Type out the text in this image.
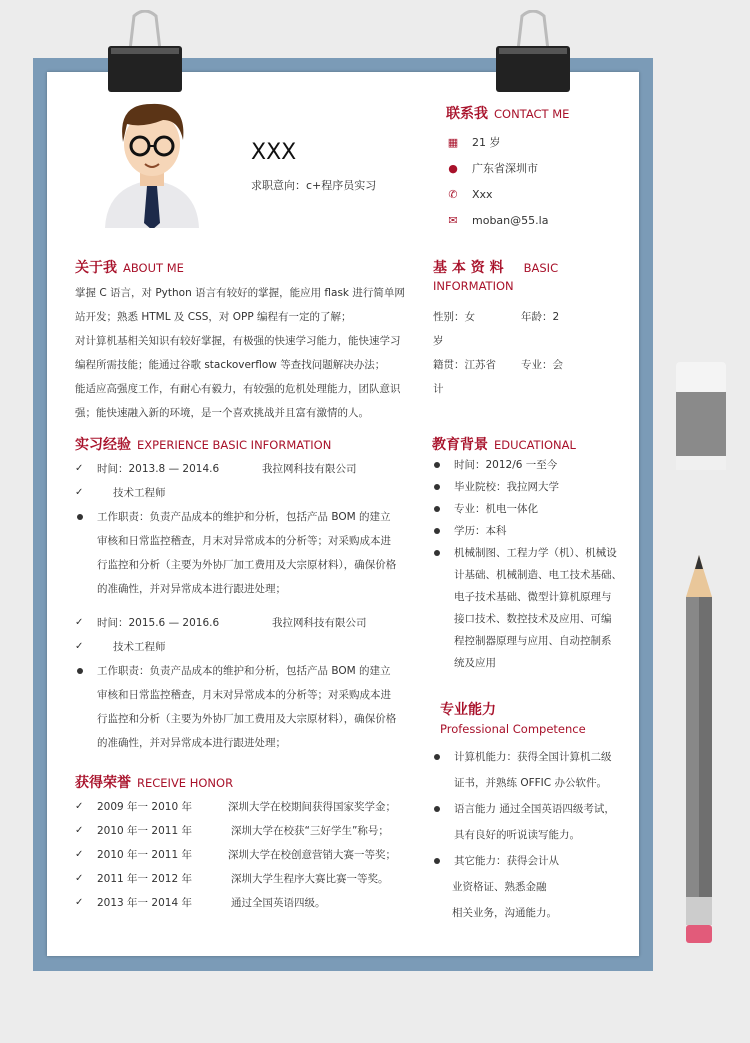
XXX
求职意向：c+程序员实习
联系我 CONTACT ME
▦ 21 岁
● 广东省深圳市
✆ Xxx
✉ moban@55.la
关于我 ABOUT ME
掌握 C 语言，对 Python 语言有较好的掌握，能应用 flask 进行简单网
站开发；熟悉 HTML 及 CSS，对 OPP 编程有一定的了解；
对计算机基相关知识有较好掌握，有极强的快速学习能力，能快速学习
编程所需技能；能通过谷歌 stackoverflow 等查找问题解决办法；
能适应高强度工作，有耐心有毅力，有较强的危机处理能力，团队意识
强；能快速融入新的环境，是一个喜欢挑战并且富有激情的人。
实习经验 EXPERIENCE BASIC INFORMATION
✓ 时间：2013.8 — 2014.6	我拉网科技有限公司
✓	技术工程师
工作职责：负责产品成本的维护和分析，包括产品 BOM 的建立
审核和日常监控稽查，月末对异常成本的分析等；对采购成本进
行监控和分析（主要为外协厂加工费用及大宗原材料），确保价格
的准确性，并对异常成本进行跟进处理；
✓ 时间：2015.6 — 2016.6	我拉网科技有限公司
✓	技术工程师
工作职责：负责产品成本的维护和分析，包括产品 BOM 的建立
审核和日常监控稽查，月末对异常成本的分析等；对采购成本进
行监控和分析（主要为外协厂加工费用及大宗原材料），确保价格
的准确性，并对异常成本进行跟进处理；
获得荣誉 RECEIVE HONOR
✓ 2009 年一 2010 年	深圳大学在校期间获得国家奖学金；
✓ 2010 年一 2011 年	深圳大学在校获“三好学生”称号；
✓ 2010 年一 2011 年	深圳大学在校创意营销大赛一等奖；
✓ 2011 年一 2012 年	深圳大学生程序大赛比赛一等奖。
✓ 2013 年一 2014 年	通过全国英语四级。
基 本 资 料 BASIC
INFORMATION
性别：女	年龄：2
岁
籍贯：江苏省 专业：会
计
教育背景 EDUCATIONAL
时间：2012/6 一至今
毕业院校：我拉网大学
专业：机电一体化
学历：本科
机械制图、工程力学（机）、机械设
计基础、机械制造、电工技术基础、
电子技术基础、微型计算机原理与
接口技术、数控技术及应用、可编
程控制器原理与应用、自动控制系
统及应用
专业能力
Professional Competence
计算机能力：获得全国计算机二级
证书，并熟练 OFFIC 办公软件。
语言能力 通过全国英语四级考试，
具有良好的听说读写能力。
其它能力：获得会计从
业资格证、熟悉金融
相关业务，沟通能力。
